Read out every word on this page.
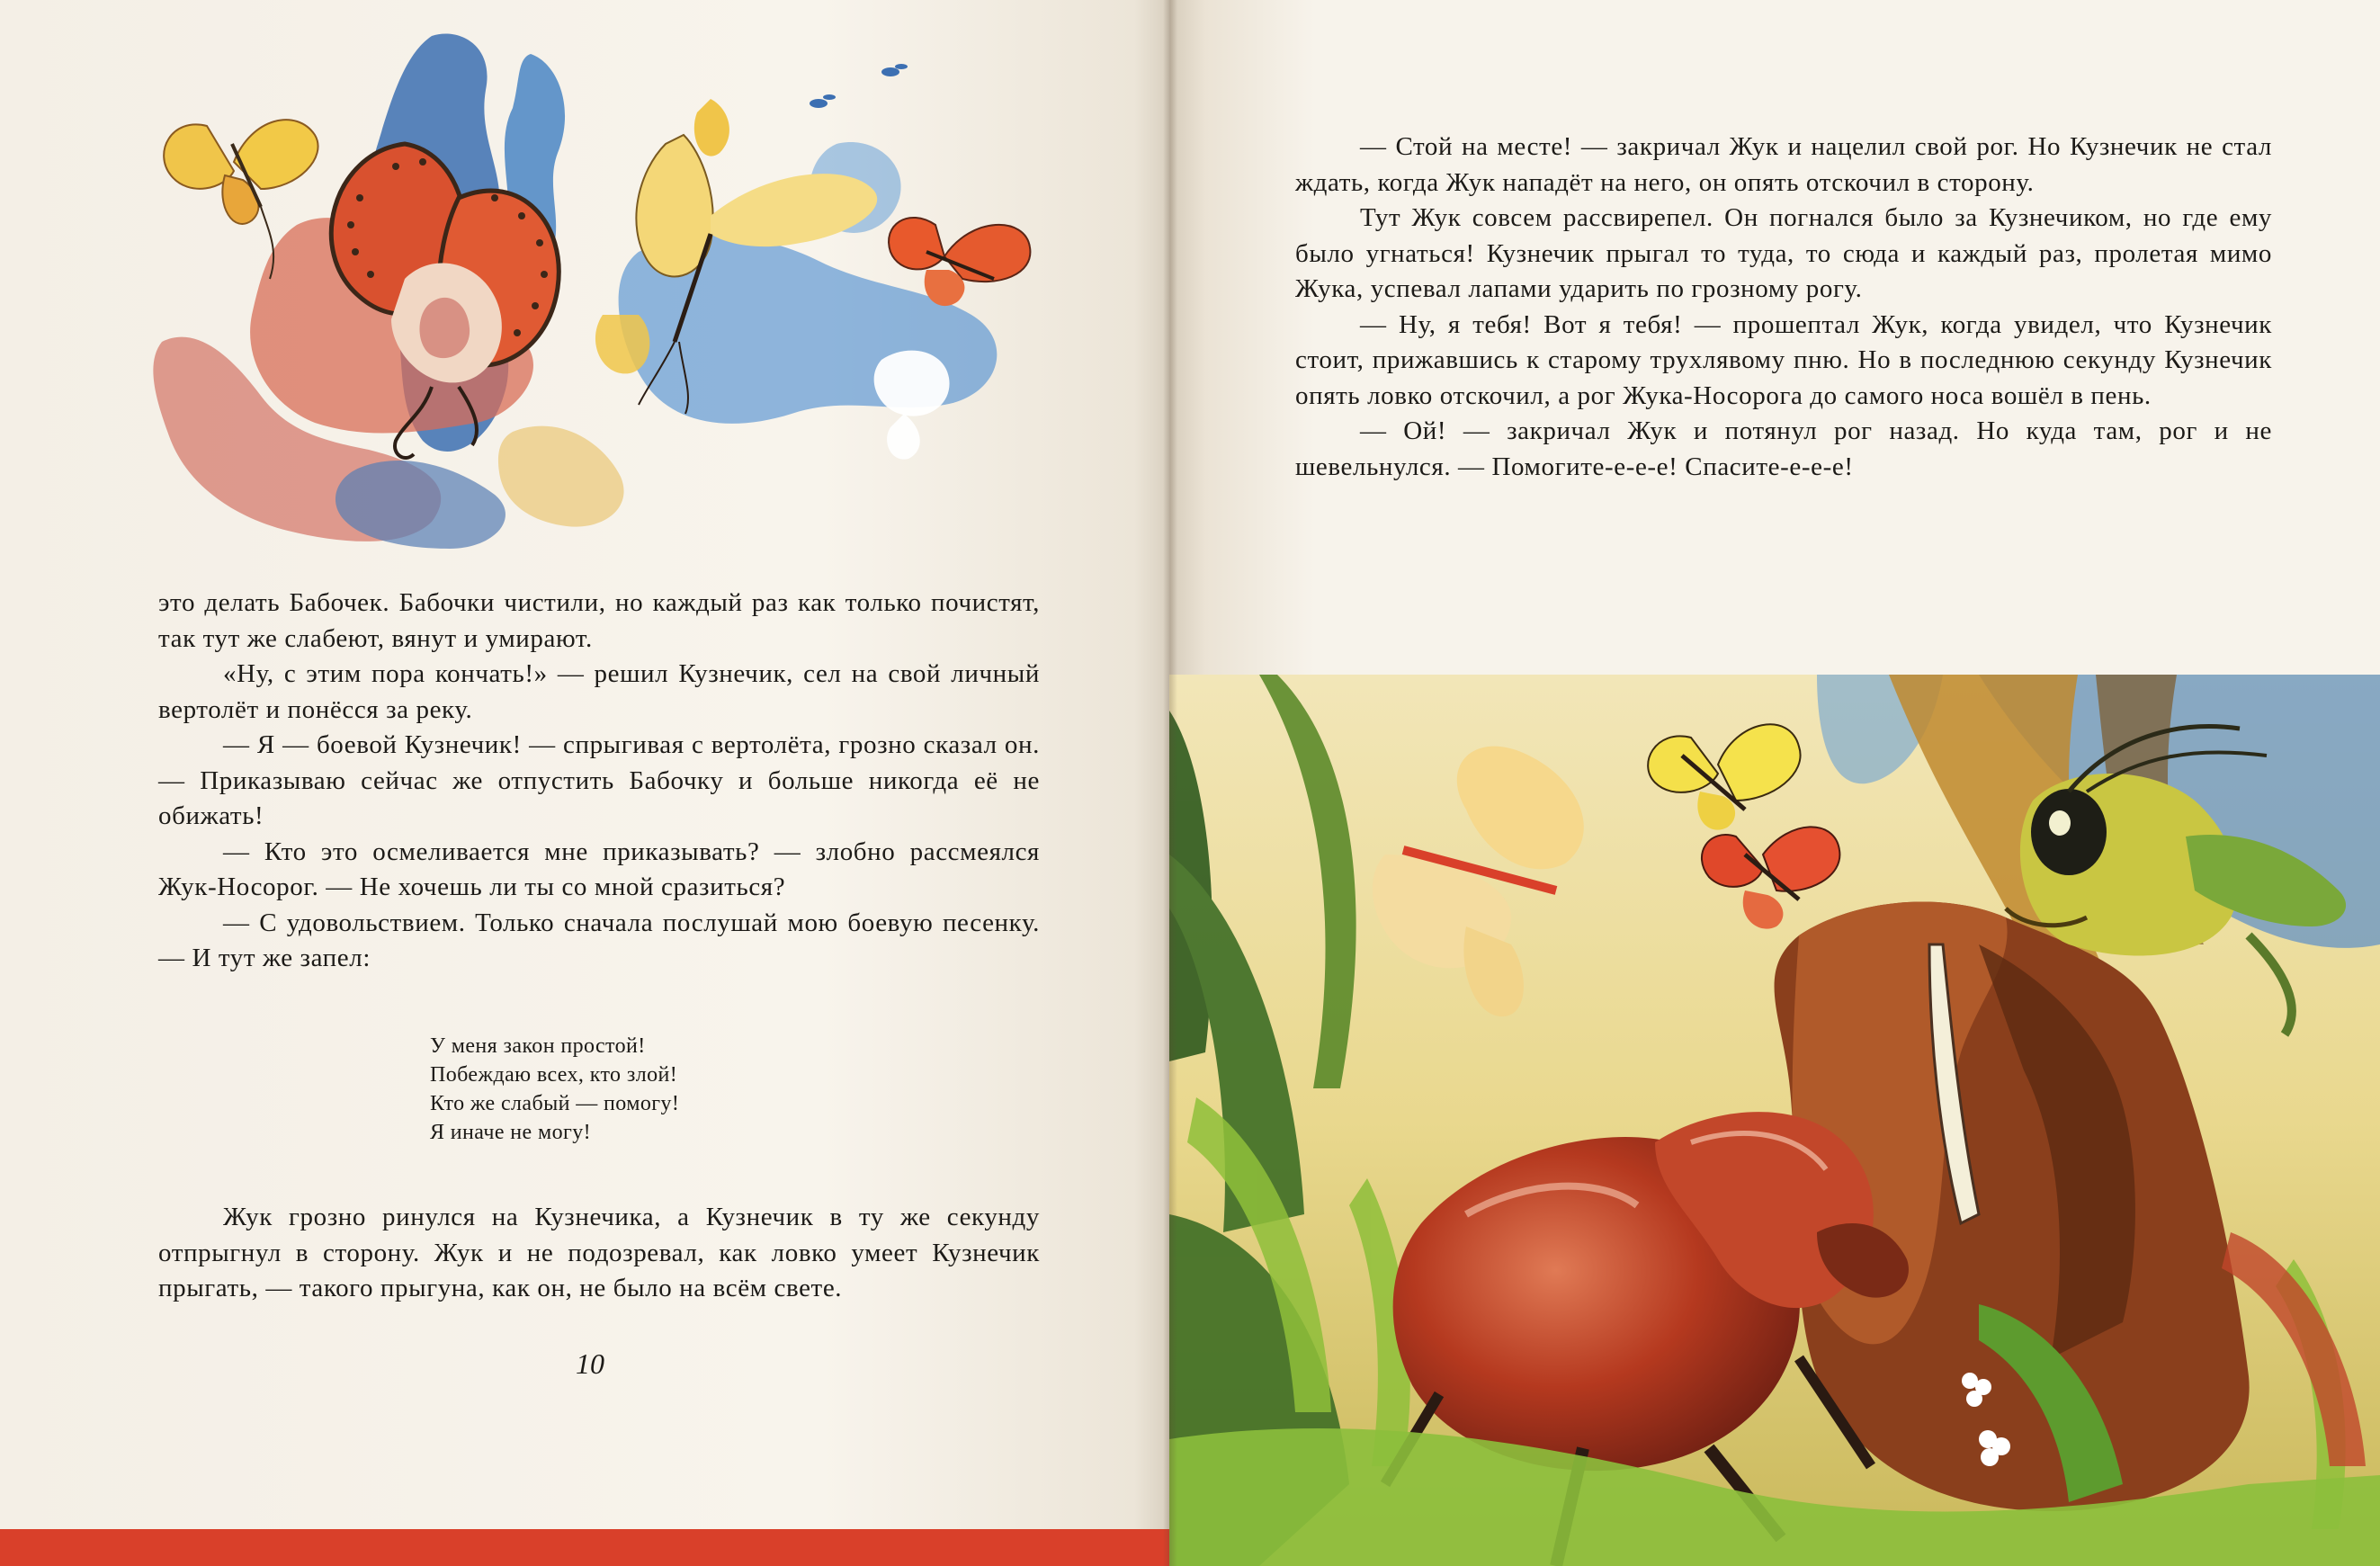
это делать Бабочек. Бабочки чистили, но каждый раз как только почистят, так тут же слабеют, вянут и умирают.

«Ну, с этим пора кончать!» — решил Кузнечик, сел на свой личный вертолёт и понёсся за реку.

— Я — боевой Кузнечик! — спрыгивая с вертолёта, грозно сказал он. — Приказываю сейчас же отпустить Бабочку и больше никогда её не обижать!

— Кто это осмеливается мне приказывать? — злобно рассмеялся Жук-Носорог. — Не хочешь ли ты со мной сразиться?

— С удовольствием. Только сначала послушай мою боевую песенку. — И тут же запел:

У меня закон простой!
Побеждаю всех, кто злой!
Кто же слабый — помогу!
Я иначе не могу!

Жук грозно ринулся на Кузнечика, а Кузнечик в ту же секунду отпрыгнул в сторону. Жук и не подозревал, как ловко умеет Кузнечик прыгать, — такого прыгуна, как он, не было на всём свете.

10

— Стой на месте! — закричал Жук и нацелил свой рог. Но Кузнечик не стал ждать, когда Жук нападёт на него, он опять отскочил в сторону.

Тут Жук совсем рассвирепел. Он погнался было за Кузнечиком, но где ему было угнаться! Кузнечик прыгал то туда, то сюда и каждый раз, пролетая мимо Жука, успевал лапами ударить по грозному рогу.

— Ну, я тебя! Вот я тебя! — прошептал Жук, когда увидел, что Кузнечик стоит, прижавшись к старому трухлявому пню. Но в последнюю секунду Кузнечик опять ловко отскочил, а рог Жука-Носорога до самого носа вошёл в пень.

— Ой! — закричал Жук и потянул рог назад. Но куда там, рог и не шевельнулся. — Помогите-е-е-е! Спасите-е-е-е!
